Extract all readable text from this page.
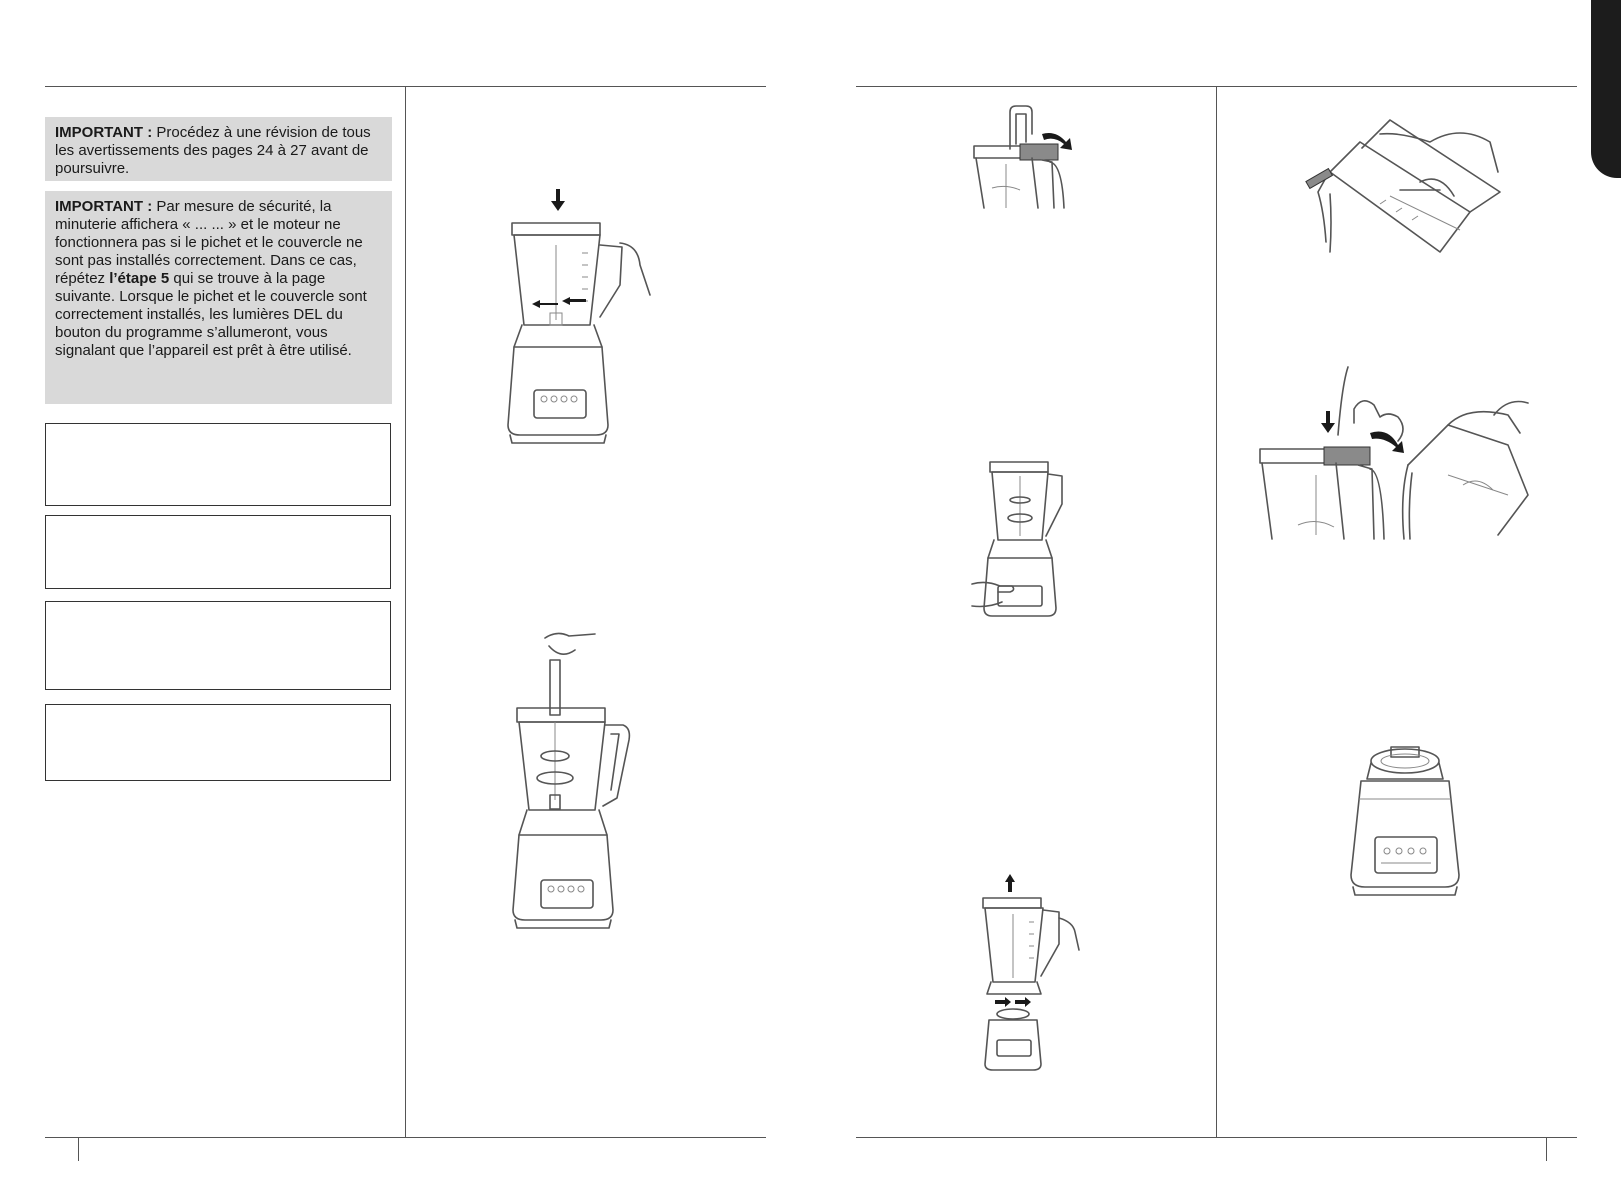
IMPORTANT : Procédez à une révision de tous les avertissements des pages 24 à 27 avant de poursuivre.
IMPORTANT : Par mesure de sécurité, la minuterie affichera « ... ... » et le moteur ne fonctionnera pas si le pichet et le couvercle ne sont pas installés correctement. Dans ce cas, répétez l’étape 5 qui se trouve à la page suivante. Lorsque le pichet et le couvercle sont correctement installés, les lumières DEL du bouton du programme s’allumeront, vous signalant que l’appareil est prêt à être utilisé.
